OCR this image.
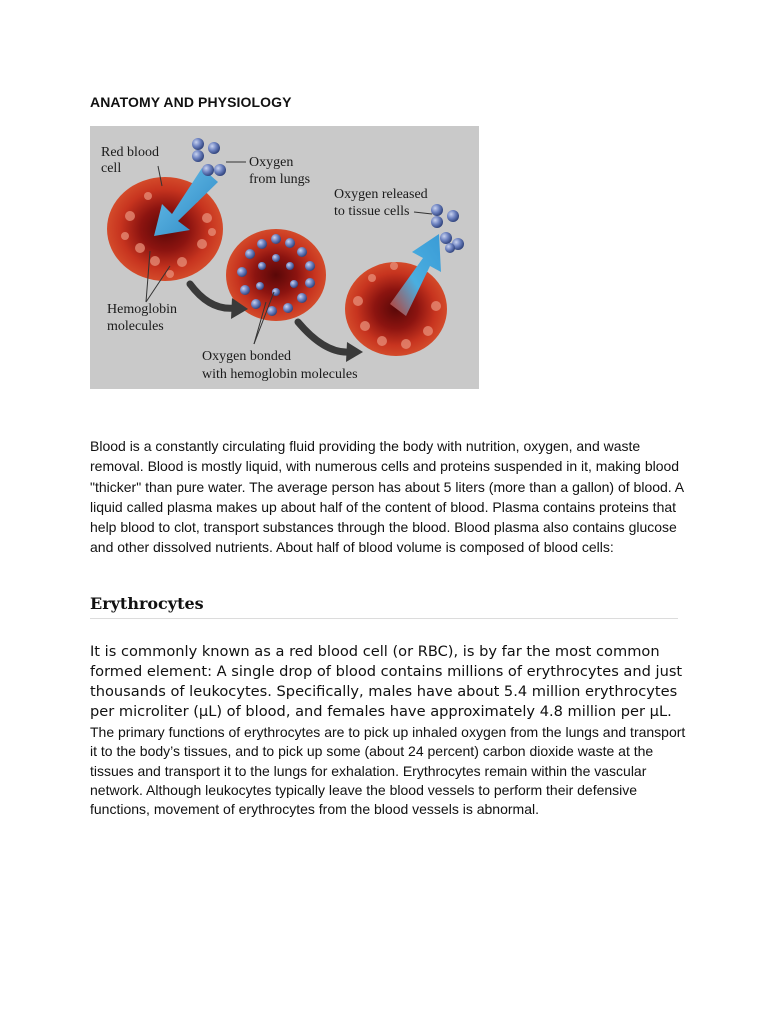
ANATOMY AND PHYSIOLOGY
Red blood
cell	Oxygen
from lungs
Oxygen released
to tissue cells
Hemoglobin
molecules
Oxygen bonded
with hemoglobin molecules

Blood is a constantly circulating fluid providing the body with nutrition, oxygen, and waste removal. Blood is mostly liquid, with numerous cells and proteins suspended in it, making blood "thicker" than pure water. The average person has about 5 liters (more than a gallon) of blood. A liquid called plasma makes up about half of the content of blood. Plasma contains proteins that help blood to clot, transport substances through the blood. Blood plasma also contains glucose and other dissolved nutrients. About half of blood volume is composed of blood cells:

Erythrocytes

It is commonly known as a red blood cell (or RBC), is by far the most common formed element: A single drop of blood contains millions of erythrocytes and just thousands of leukocytes. Specifically, males have about 5.4 million erythrocytes per microliter (µL) of blood, and females have approximately 4.8 million per µL.

The primary functions of erythrocytes are to pick up inhaled oxygen from the lungs and transport it to the body’s tissues, and to pick up some (about 24 percent) carbon dioxide waste at the tissues and transport it to the lungs for exhalation. Erythrocytes remain within the vascular network. Although leukocytes typically leave the blood vessels to perform their defensive functions, movement of erythrocytes from the blood vessels is abnormal.
